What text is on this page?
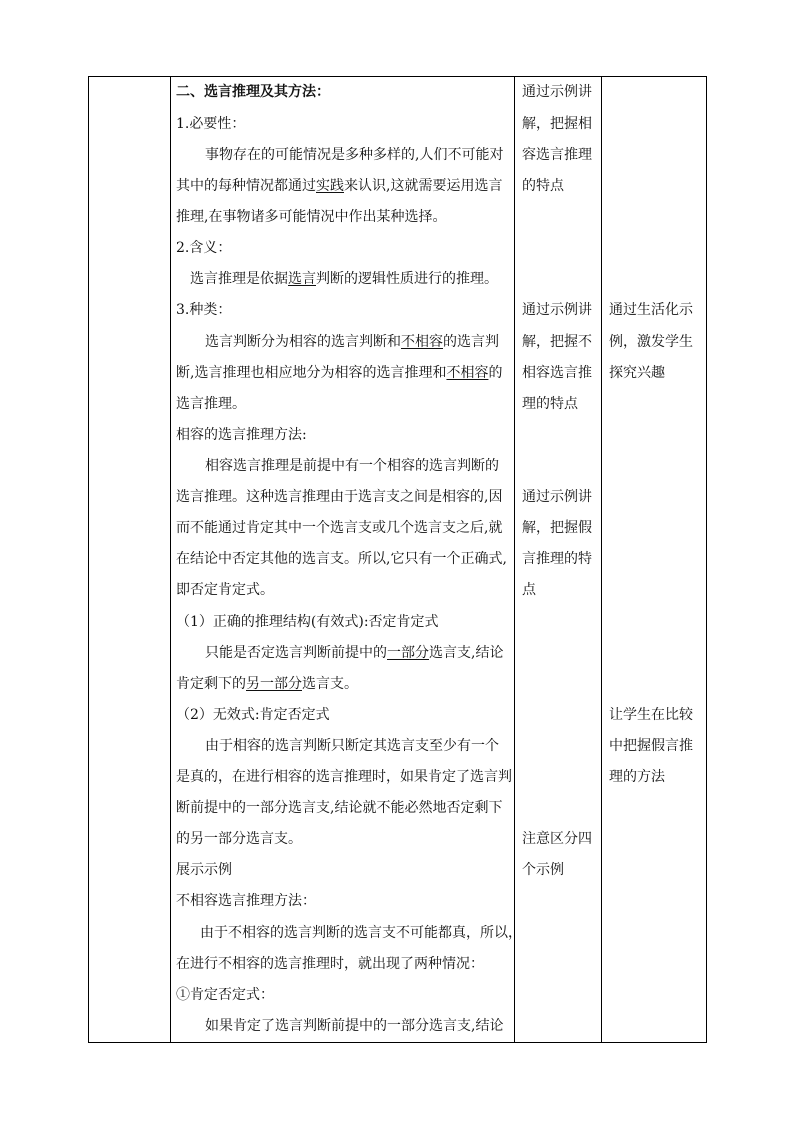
二、选言推理及其方法：
1.必要性：
事物存在的可能情况是多种多样的,人们不可能对
其中的每种情况都通过实践来认识,这就需要运用选言
推理,在事物诸多可能情况中作出某种选择。
2.含义：
选言推理是依据选言判断的逻辑性质进行的推理。
3.种类：
选言判断分为相容的选言判断和不相容的选言判
断,选言推理也相应地分为相容的选言推理和不相容的
选言推理。
相容的选言推理方法:
相容选言推理是前提中有一个相容的选言判断的
选言推理。这种选言推理由于选言支之间是相容的,因
而不能通过肯定其中一个选言支或几个选言支之后,就
在结论中否定其他的选言支。所以,它只有一个正确式,
即否定肯定式。
（1）正确的推理结构(有效式):否定肯定式
只能是否定选言判断前提中的一部分选言支,结论
肯定剩下的另一部分选言支。
（2）无效式:肯定否定式
由于相容的选言判断只断定其选言支至少有一个
是真的，在进行相容的选言推理时，如果肯定了选言判
断前提中的一部分选言支,结论就不能必然地否定剩下
的另一部分选言支。
展示示例
不相容选言推理方法：
由于不相容的选言判断的选言支不可能都真，所以，
在进行不相容的选言推理时，就出现了两种情况：
①肯定否定式：
如果肯定了选言判断前提中的一部分选言支,结论
通过示例讲
解，把握相
容选言推理
的特点
通过示例讲
解，把握不
相容选言推
理的特点
通过示例讲
解，把握假
言推理的特
点
注意区分四
个示例
通过生活化示
例，激发学生
探究兴趣
让学生在比较
中把握假言推
理的方法
